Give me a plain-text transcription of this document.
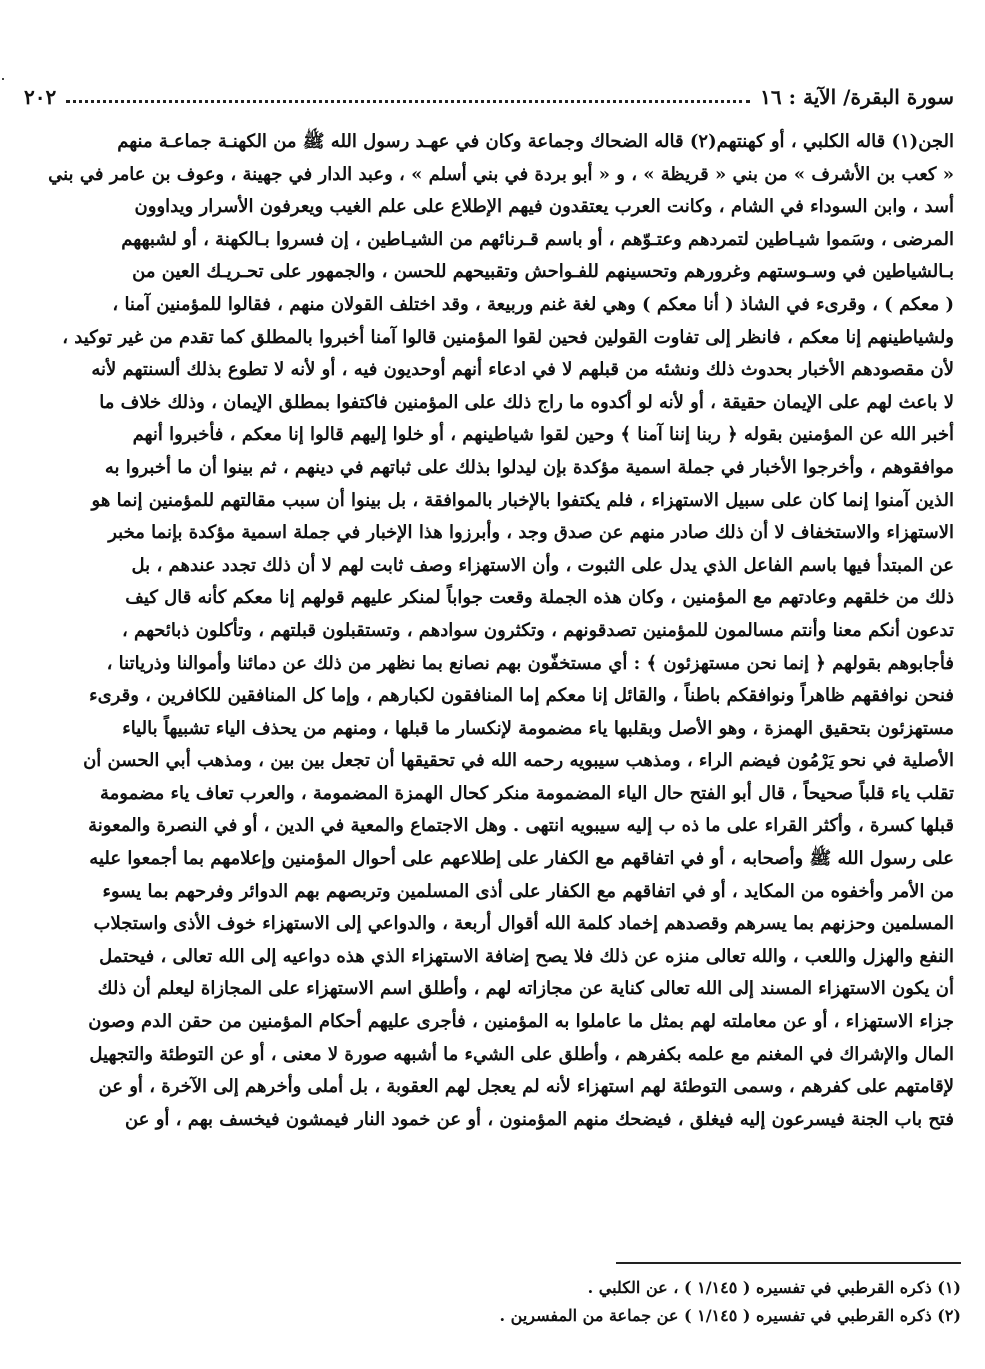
سورة البقرة/ الآية : ١٦
٢٠٢
الجن(١) قاله الكلبي ، أو كهنتهم(٢) قاله الضحاك وجماعة وكان في عهـد رسول الله ﷺ من الكهنـة جماعـة منهم
« كعب بن الأشرف » من بني « قريظة » ، و « أبو بردة في بني أسلم » ، وعبد الدار في جهينة ، وعوف بن عامر في بني
أسد ، وابن السوداء في الشام ، وكانت العرب يعتقدون فيهم الإطلاع على علم الغيب ويعرفون الأسرار ويداوون
المرضى ، وسَموا شيـاطين لتمردهم وعتـوّهم ، أو باسم قـرنائهم من الشيـاطين ، إن فسروا بـالكهنة ، أو لشبههم
بـالشياطين في وسـوستهم وغرورهم وتحسينهم للفـواحش وتقبيحهم للحسن ، والجمهور على تحـريـك العين من
( معكم ) ، وقرىء في الشاذ ( أنا معكم ) وهي لغة غنم وربيعة ، وقد اختلف القولان منهم ، فقالوا للمؤمنين آمنا ،
ولشياطينهم إنا معكم ، فانظر إلى تفاوت القولين فحين لقوا المؤمنين قالوا آمنا أخبروا بالمطلق كما تقدم من غير توكيد ،
لأن مقصودهم الأخبار بحدوث ذلك ونشئه من قبلهم لا في ادعاء أنهم أوحديون فيه ، أو لأنه لا تطوع بذلك ألسنتهم لأنه
لا باعث لهم على الإيمان حقيقة ، أو لأنه لو أكدوه ما راج ذلك على المؤمنين فاكتفوا بمطلق الإيمان ، وذلك خلاف ما
أخبر الله عن المؤمنين بقوله ﴿ ربنا إننا آمنا ﴾ وحين لقوا شياطينهم ، أو خلوا إليهم قالوا إنا معكم ، فأخبروا أنهم
موافقوهم ، وأخرجوا الأخبار في جملة اسمية مؤكدة بإن ليدلوا بذلك على ثباتهم في دينهم ، ثم بينوا أن ما أخبروا به
الذين آمنوا إنما كان على سبيل الاستهزاء ، فلم يكتفوا بالإخبار بالموافقة ، بل بينوا أن سبب مقالتهم للمؤمنين إنما هو
الاستهزاء والاستخفاف لا أن ذلك صادر منهم عن صدق وجد ، وأبرزوا هذا الإخبار في جملة اسمية مؤكدة بإنما مخبر
عن المبتدأ فيها باسم الفاعل الذي يدل على الثبوت ، وأن الاستهزاء وصف ثابت لهم لا أن ذلك تجدد عندهم ، بل
ذلك من خلقهم وعادتهم مع المؤمنين ، وكان هذه الجملة وقعت جواباً لمنكر عليهم قولهم إنا معكم كأنه قال كيف
تدعون أنكم معنا وأنتم مسالمون للمؤمنين تصدقونهم ، وتكثرون سوادهم ، وتستقبلون قبلتهم ، وتأكلون ذبائحهم ،
فأجابوهم بقولهم ﴿ إنما نحن مستهزئون ﴾ : أي مستخفّون بهم نصانع بما نظهر من ذلك عن دمائنا وأموالنا وذرياتنا ،
فنحن نوافقهم ظاهراً ونوافقكم باطناً ، والقائل إنا معكم إما المنافقون لكبارهم ، وإما كل المنافقين للكافرين ، وقرىء
مستهزئون بتحقيق الهمزة ، وهو الأصل وبقلبها ياء مضمومة لإنكسار ما قبلها ، ومنهم من يحذف الياء تشبيهاً بالياء
الأصلية في نحو يَرْمُون فيضم الراء ، ومذهب سيبويه رحمه الله في تحقيقها أن تجعل بين بين ، ومذهب أبي الحسن أن
تقلب ياء قلباً صحيحاً ، قال أبو الفتح حال الياء المضمومة منكر كحال الهمزة المضمومة ، والعرب تعاف ياء مضمومة
قبلها كسرة ، وأكثر القراء على ما ذه ب إليه سيبويه انتهى . وهل الاجتماع والمعية في الدين ، أو في النصرة والمعونة
على رسول الله ﷺ وأصحابه ، أو في اتفاقهم مع الكفار على إطلاعهم على أحوال المؤمنين وإعلامهم بما أجمعوا عليه
من الأمر وأخفوه من المكايد ، أو في اتفاقهم مع الكفار على أذى المسلمين وتربصهم بهم الدوائر وفرحهم بما يسوء
المسلمين وحزنهم بما يسرهم وقصدهم إخماد كلمة الله أقوال أربعة ، والدواعي إلى الاستهزاء خوف الأذى واستجلاب
النفع والهزل واللعب ، والله تعالى منزه عن ذلك فلا يصح إضافة الاستهزاء الذي هذه دواعيه إلى الله تعالى ، فيحتمل
أن يكون الاستهزاء المسند إلى الله تعالى كناية عن مجازاته لهم ، وأطلق اسم الاستهزاء على المجازاة ليعلم أن ذلك
جزاء الاستهزاء ، أو عن معاملته لهم بمثل ما عاملوا به المؤمنين ، فأجرى عليهم أحكام المؤمنين من حقن الدم وصون
المال والإشراك في المغنم مع علمه بكفرهم ، وأطلق على الشيء ما أشبهه صورة لا معنى ، أو عن التوطئة والتجهيل
لإقامتهم على كفرهم ، وسمى التوطئة لهم استهزاء لأنه لم يعجل لهم العقوبة ، بل أملى وأخرهم إلى الآخرة ، أو عن
فتح باب الجنة فيسرعون إليه فيغلق ، فيضحك منهم المؤمنون ، أو عن خمود النار فيمشون فيخسف بهم ، أو عن
(١) ذكره القرطبي في تفسيره ( ١/١٤٥ ) ، عن الكلبي .
(٢) ذكره القرطبي في تفسيره ( ١/١٤٥ ) عن جماعة من المفسرين .
